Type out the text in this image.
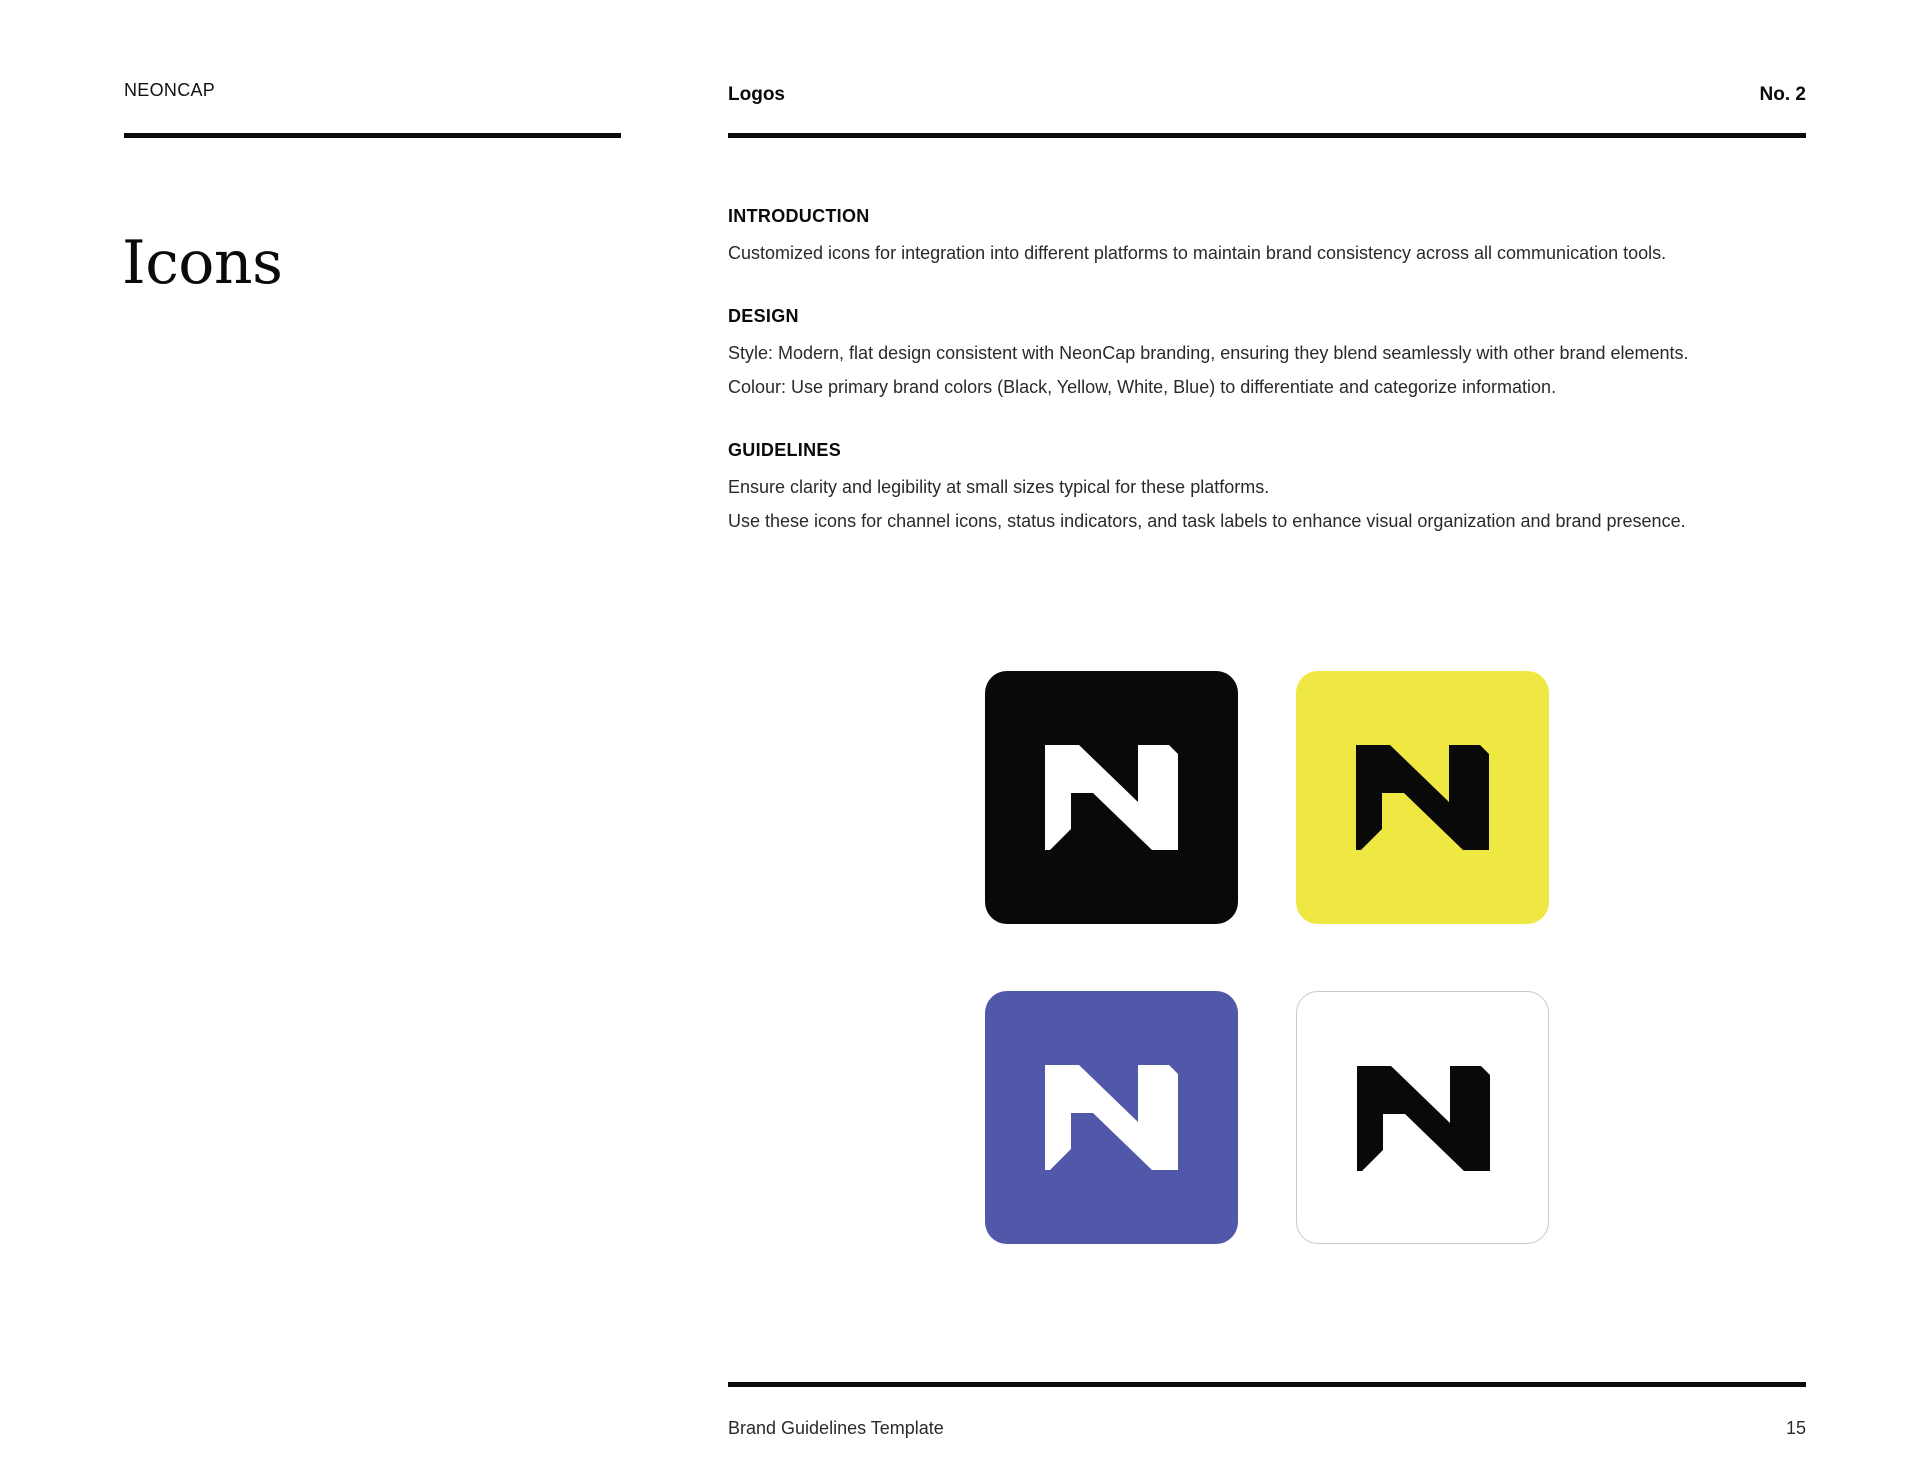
NEONCAP	Logos	No. 2
Icons
INTRODUCTION

Customized icons for integration into different platforms to maintain brand consistency across all communication tools.

DESIGN

Style: Modern, flat design consistent with NeonCap branding, ensuring they blend seamlessly with other brand elements.

Colour: Use primary brand colors (Black, Yellow, White, Blue) to differentiate and categorize information.

GUIDELINES

Ensure clarity and legibility at small sizes typical for these platforms.

Use these icons for channel icons, status indicators, and task labels to enhance visual organization and brand presence.

Brand Guidelines Template	15
